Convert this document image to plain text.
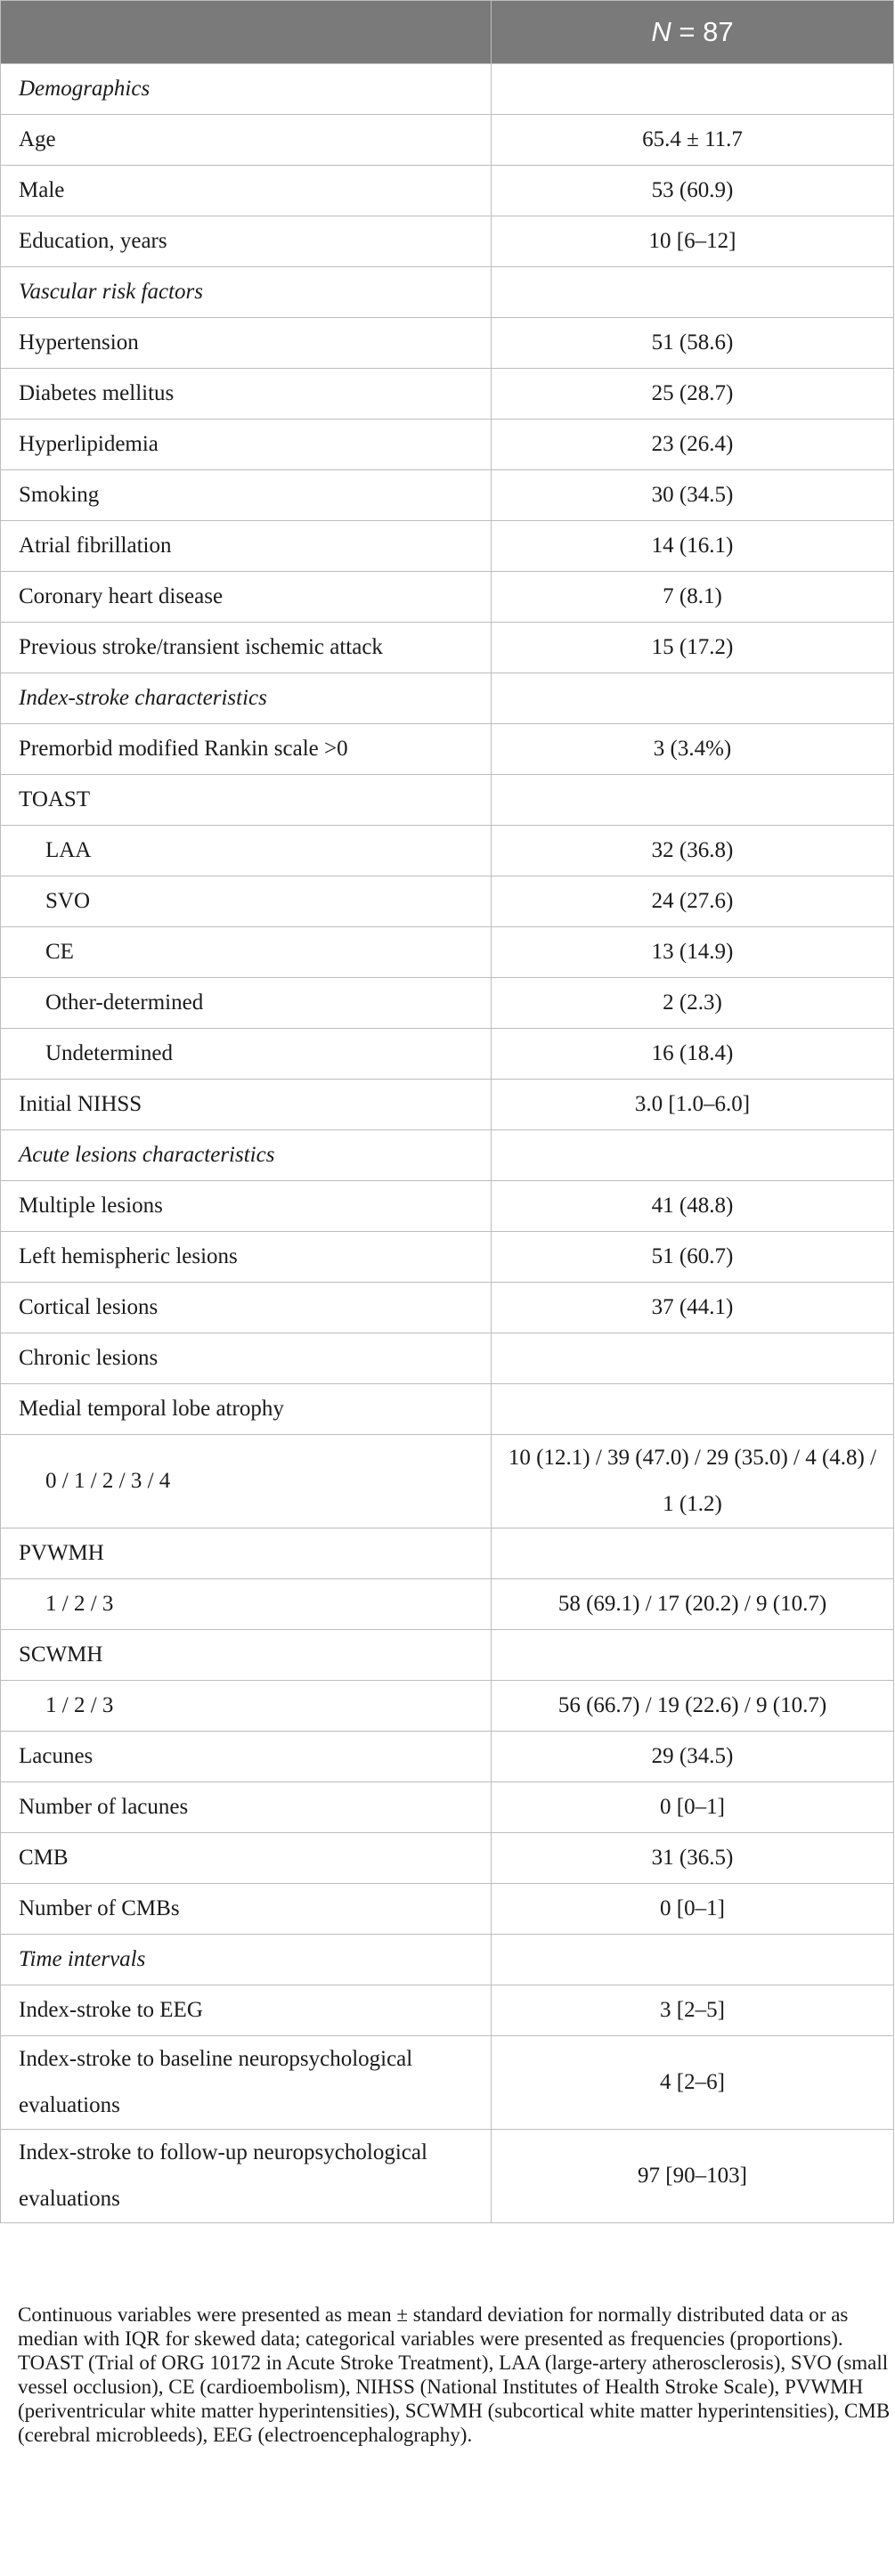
	N = 87
Demographics	
Age	65.4 ± 11.7
Male	53 (60.9)
Education, years	10 [6–12]
Vascular risk factors	
Hypertension	51 (58.6)
Diabetes mellitus	25 (28.7)
Hyperlipidemia	23 (26.4)
Smoking	30 (34.5)
Atrial fibrillation	14 (16.1)
Coronary heart disease	7 (8.1)
Previous stroke/transient ischemic attack	15 (17.2)
Index-stroke characteristics	
Premorbid modified Rankin scale >0	3 (3.4%)
TOAST	
LAA	32 (36.8)
SVO	24 (27.6)
CE	13 (14.9)
Other-determined	2 (2.3)
Undetermined	16 (18.4)
Initial NIHSS	3.0 [1.0–6.0]
Acute lesions characteristics	
Multiple lesions	41 (48.8)
Left hemispheric lesions	51 (60.7)
Cortical lesions	37 (44.1)
Chronic lesions	
Medial temporal lobe atrophy	
0 / 1 / 2 / 3 / 4	10 (12.1) / 39 (47.0) / 29 (35.0) / 4 (4.8) / 1 (1.2)
PVWMH	
1 / 2 / 3	58 (69.1) / 17 (20.2) / 9 (10.7)
SCWMH	
1 / 2 / 3	56 (66.7) / 19 (22.6) / 9 (10.7)
Lacunes	29 (34.5)
Number of lacunes	0 [0–1]
CMB	31 (36.5)
Number of CMBs	0 [0–1]
Time intervals	
Index-stroke to EEG	3 [2–5]
Index-stroke to baseline neuropsychological evaluations	4 [2–6]
Index-stroke to follow-up neuropsychological evaluations	97 [90–103]

Continuous variables were presented as mean ± standard deviation for normally distributed data or as median with IQR for skewed data; categorical variables were presented as frequencies (proportions).

TOAST (Trial of ORG 10172 in Acute Stroke Treatment), LAA (large-artery atherosclerosis), SVO (small vessel occlusion), CE (cardioembolism), NIHSS (National Institutes of Health Stroke Scale), PVWMH (periventricular white matter hyperintensities), SCWMH (subcortical white matter hyperintensities), CMB (cerebral microbleeds), EEG (electroencephalography).
